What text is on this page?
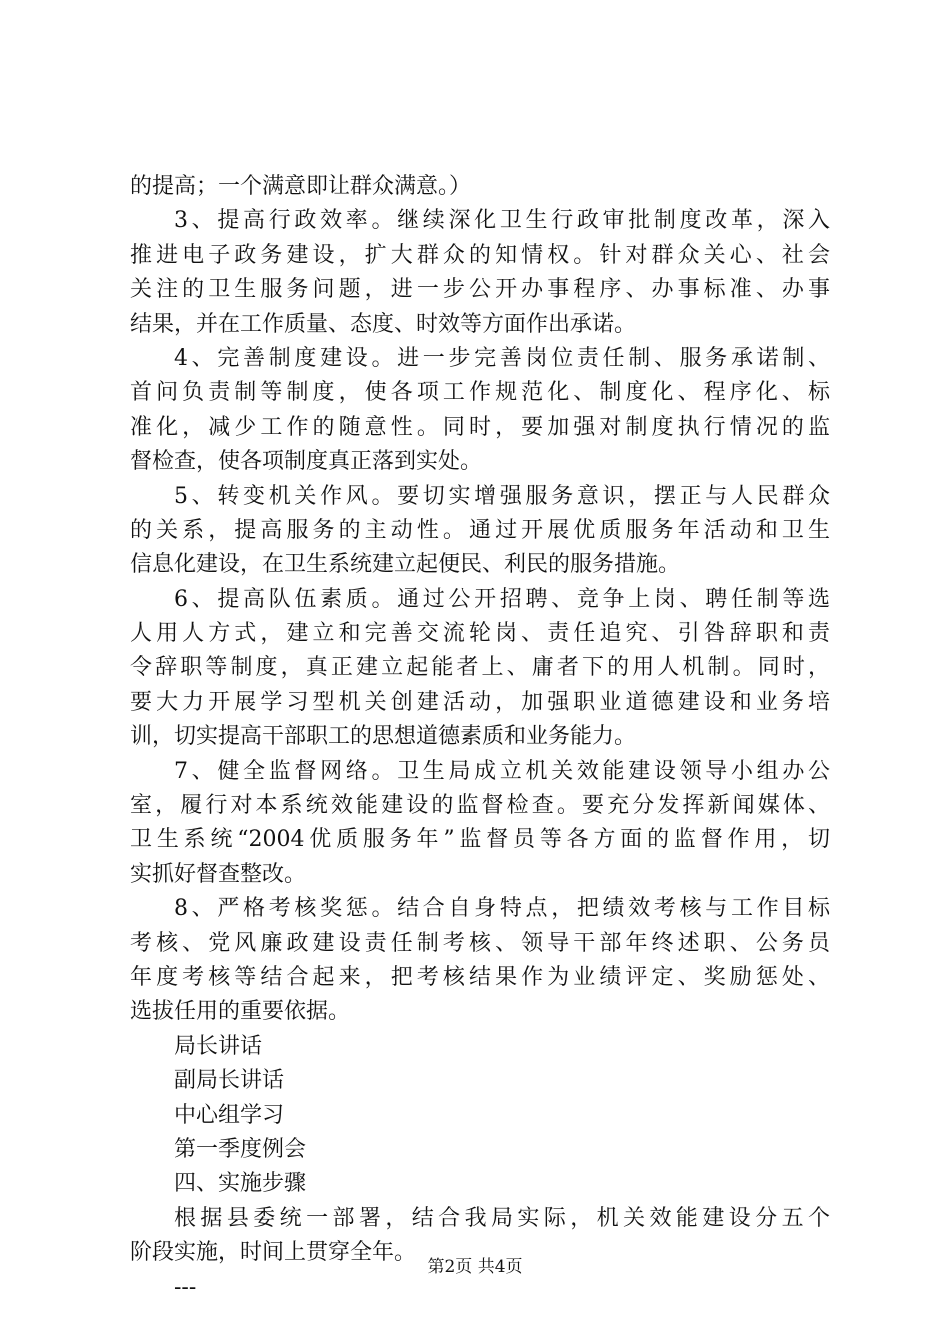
的提高；一个满意即让群众满意。）
3、提高行政效率。继续深化卫生行政审批制度改革，深入
推进电子政务建设，扩大群众的知情权。针对群众关心、社会
关注的卫生服务问题，进一步公开办事程序、办事标准、办事
结果，并在工作质量、态度、时效等方面作出承诺。
4、完善制度建设。进一步完善岗位责任制、服务承诺制、
首问负责制等制度，使各项工作规范化、制度化、程序化、标
准化，减少工作的随意性。同时，要加强对制度执行情况的监
督检查，使各项制度真正落到实处。
5、转变机关作风。要切实增强服务意识，摆正与人民群众
的关系，提高服务的主动性。通过开展优质服务年活动和卫生
信息化建设，在卫生系统建立起便民、利民的服务措施。
6、提高队伍素质。通过公开招聘、竞争上岗、聘任制等选
人用人方式，建立和完善交流轮岗、责任追究、引咎辞职和责
令辞职等制度，真正建立起能者上、庸者下的用人机制。同时，
要大力开展学习型机关创建活动，加强职业道德建设和业务培
训，切实提高干部职工的思想道德素质和业务能力。
7、健全监督网络。卫生局成立机关效能建设领导小组办公
室，履行对本系统效能建设的监督检查。要充分发挥新闻媒体、
卫生系统“2004优质服务年”监督员等各方面的监督作用，切
实抓好督查整改。
8、严格考核奖惩。结合自身特点，把绩效考核与工作目标
考核、党风廉政建设责任制考核、领导干部年终述职、公务员
年度考核等结合起来，把考核结果作为业绩评定、奖励惩处、
选拔任用的重要依据。
局长讲话
副局长讲话
中心组学习
第一季度例会
四、实施步骤
根据县委统一部署，结合我局实际，机关效能建设分五个
阶段实施，时间上贯穿全年。
---
第2页 共4页
